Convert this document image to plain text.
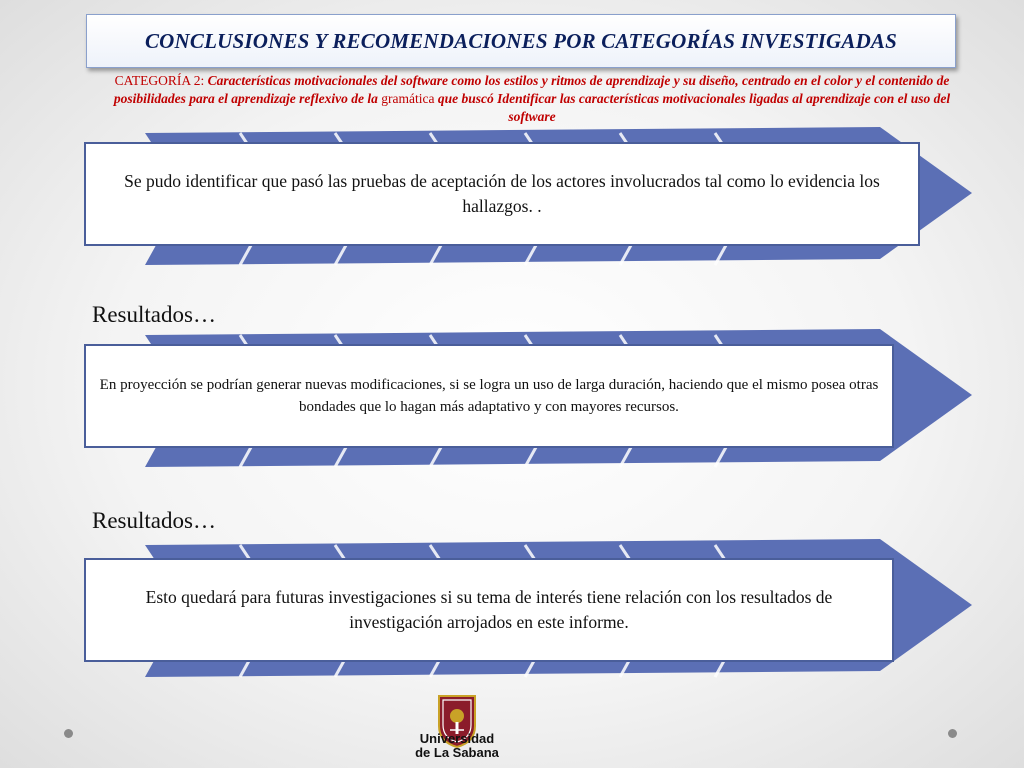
CONCLUSIONES Y RECOMENDACIONES POR CATEGORÍAS INVESTIGADAS
CATEGORÍA 2: Características motivacionales del software como los estilos y ritmos de aprendizaje y su diseño, centrado en el color y el contenido de posibilidades para el aprendizaje reflexivo de la gramática que buscó Identificar las características motivacionales ligadas al aprendizaje con el uso del software
Se pudo identificar que pasó las pruebas de aceptación de los actores involucrados tal como lo evidencia los hallazgos. .
Resultados…
En proyección se podrían generar nuevas modificaciones, si se logra un uso de larga duración, haciendo que el mismo posea otras bondades que lo hagan más adaptativo y con mayores recursos.
Resultados…
Esto quedará para futuras investigaciones si su tema de interés tiene relación con los resultados de investigación arrojados en este informe.
Universidad
de La Sabana
